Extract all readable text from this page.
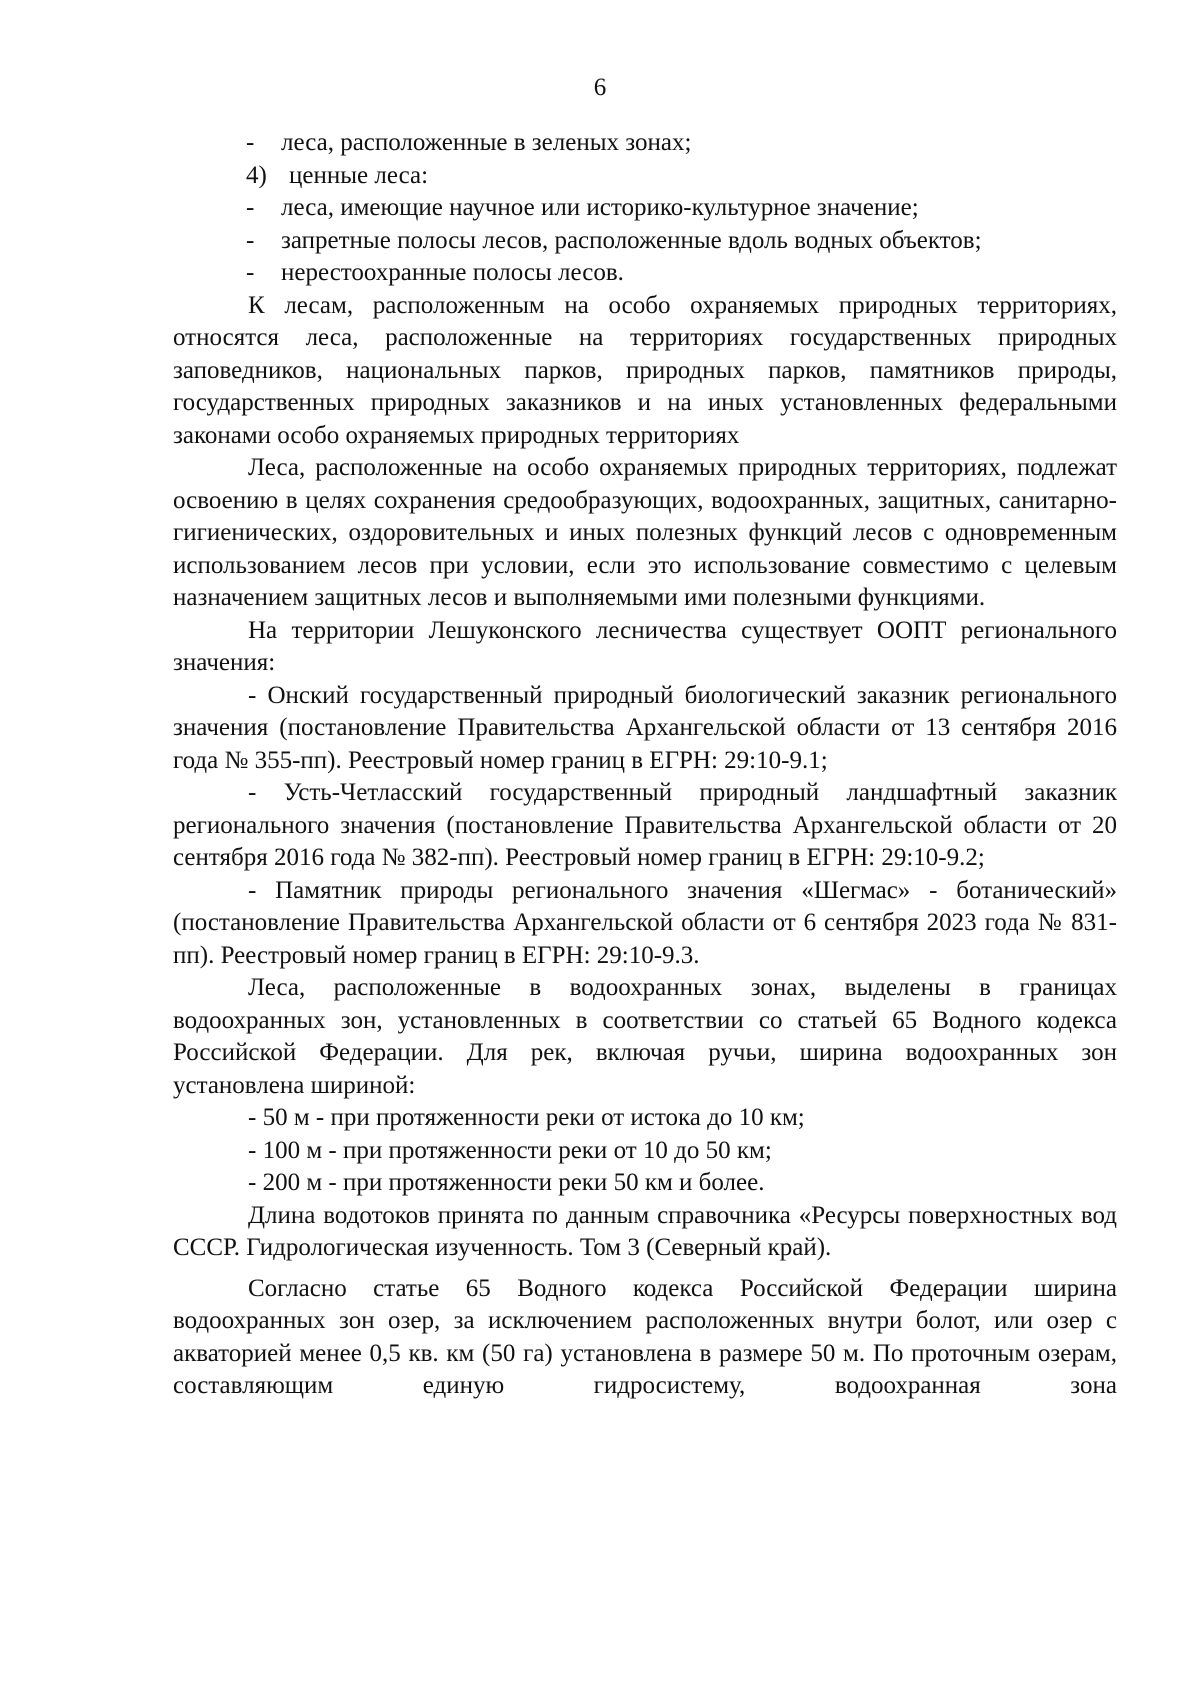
6

-	леса, расположенные в зеленых зонах;
4) ценные леса:
-	леса, имеющие научное или историко-культурное значение;
-	запретные полосы лесов, расположенные вдоль водных объектов;
-	нерестоохранные полосы лесов.

К лесам, расположенным на особо охраняемых природных территориях, относятся леса, расположенные на территориях государственных природных заповедников, национальных парков, природных парков, памятников природы, государственных природных заказников и на иных установленных федеральными законами особо охраняемых природных территориях

Леса, расположенные на особо охраняемых природных территориях, подлежат освоению в целях сохранения средообразующих, водоохранных, защитных, санитарно-гигиенических, оздоровительных и иных полезных функций лесов с одновременным использованием лесов при условии, если это использование совместимо с целевым назначением защитных лесов и выполняемыми ими полезными функциями.

На территории Лешуконского лесничества существует ООПТ регионального значения:

- Онский государственный природный биологический заказник регионального значения (постановление Правительства Архангельской области от 13 сентября 2016 года № 355-пп). Реестровый номер границ в ЕГРН: 29:10-9.1;

- Усть-Четласский государственный природный ландшафтный заказник регионального значения (постановление Правительства Архангельской области от 20 сентября 2016 года № 382-пп). Реестровый номер границ в ЕГРН: 29:10-9.2;

- Памятник природы регионального значения «Шегмас» - ботанический» (постановление Правительства Архангельской области от 6 сентября 2023 года № 831-пп). Реестровый номер границ в ЕГРН: 29:10-9.3.

Леса, расположенные в водоохранных зонах, выделены в границах водоохранных зон, установленных в соответствии со статьей 65 Водного кодекса Российской Федерации. Для рек, включая ручьи, ширина водоохранных зон установлена шириной:

- 50 м - при протяженности реки от истока до 10 км;

- 100 м - при протяженности реки от 10 до 50 км;

- 200 м - при протяженности реки 50 км и более.

Длина водотоков принята по данным справочника «Ресурсы поверхностных вод СССР. Гидрологическая изученность. Том 3 (Северный край).

Согласно статье 65 Водного кодекса Российской Федерации ширина водоохранных зон озер, за исключением расположенных внутри болот, или озер с акваторией менее 0,5 кв. км (50 га) установлена в размере 50 м. По проточным озерам, составляющим единую гидросистему, водоохранная зона
